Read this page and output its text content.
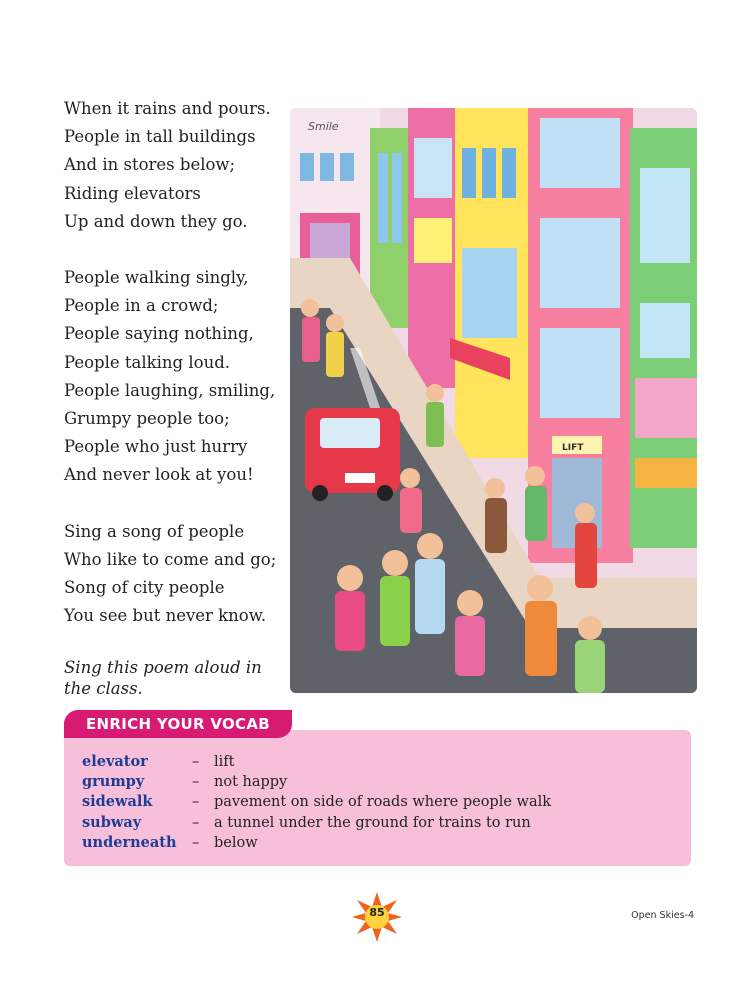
When it rains and pours.
People in tall buildings
And in stores below;
Riding elevators
Up and down they go.
People walking singly,
People in a crowd;
People saying nothing,
People talking loud.
People laughing, smiling,
Grumpy people too;
People who just hurry
And never look at you!
Sing a song of people
Who like to come and go;
Song of city people
You see but never know.
Sing this poem aloud in
the class.
Smile
LIFT
ENRICH YOUR VOCAB
elevator	–	lift
grumpy	–	not happy
sidewalk	–	pavement on side of roads where people walk
subway	–	a tunnel under the ground for trains to run
underneath	–	below
85	Open Skies-4
